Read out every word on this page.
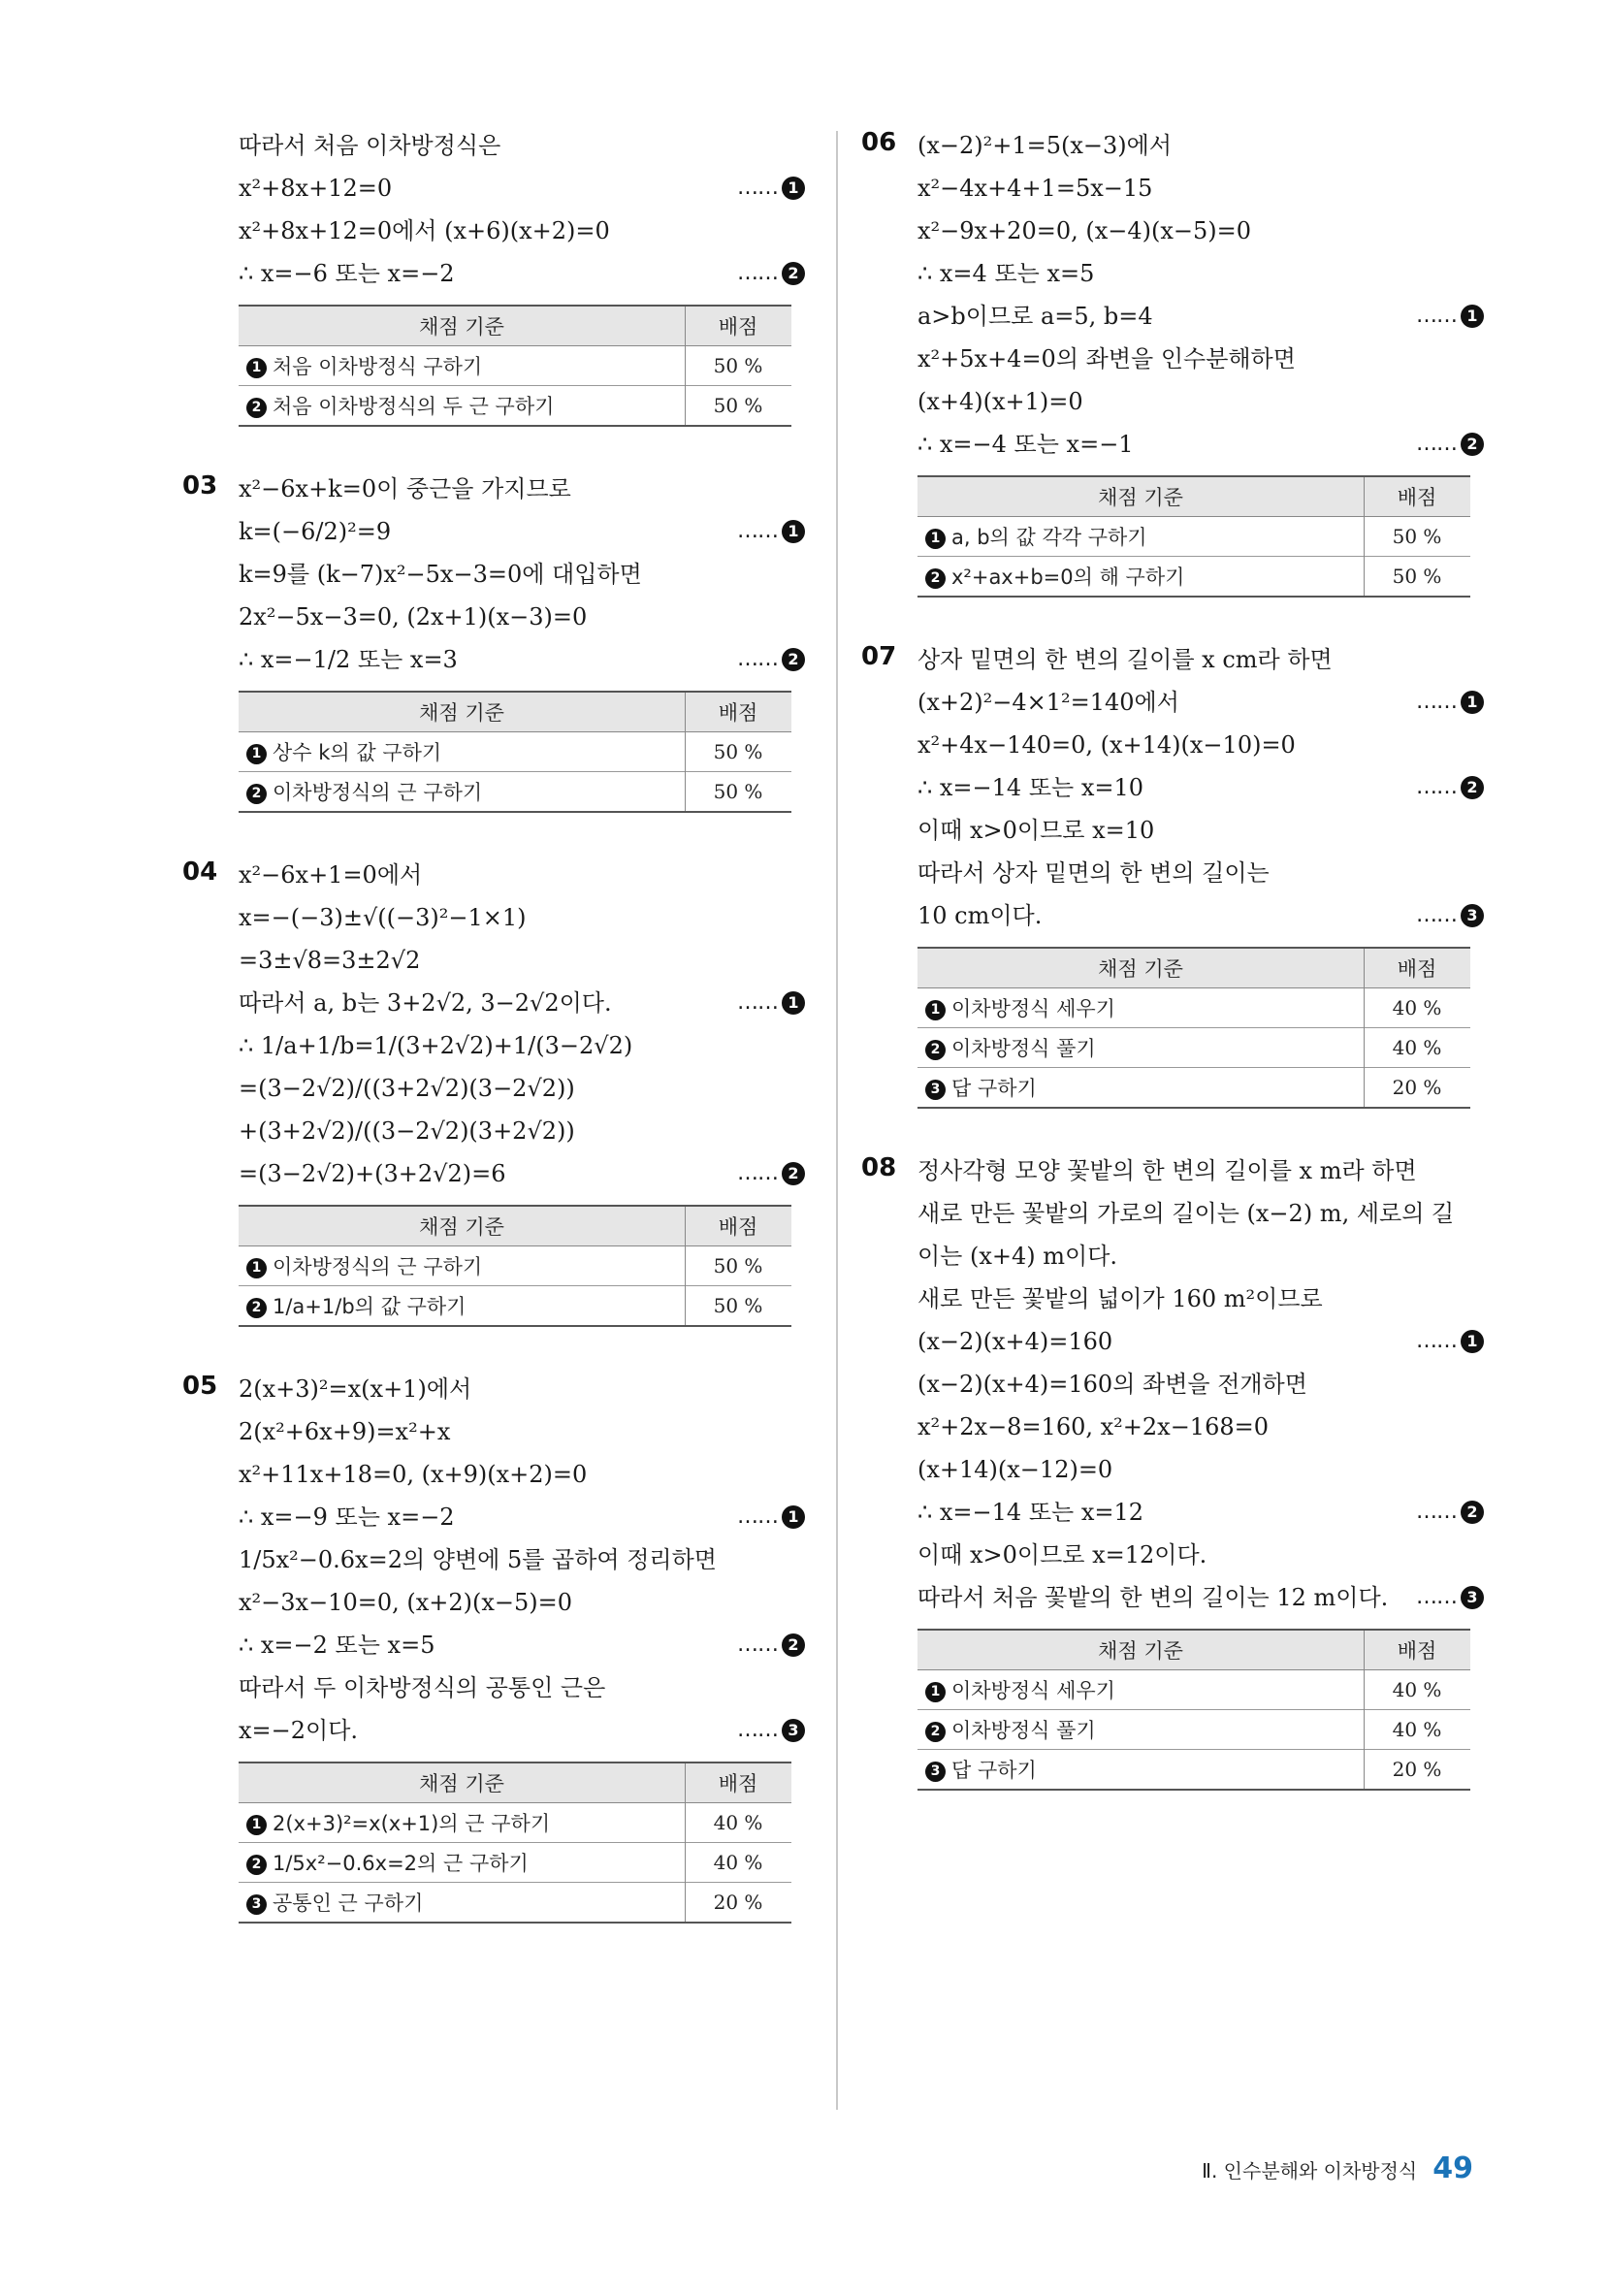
따라서 처음 이차방정식은
x²+8x+12=0	…… 1
x²+8x+12=0에서 (x+6)(x+2)=0
∴ x=−6 또는 x=−2	…… 2
채점 기준	배점
1 처음 이차방정식 구하기	50 %
2 처음 이차방정식의 두 근 구하기	50 %
03 x²−6x+k=0이 중근을 가지므로
k=(−6/2)²=9	…… 1
k=9를 (k−7)x²−5x−3=0에 대입하면
2x²−5x−3=0, (2x+1)(x−3)=0
∴ x=−1/2 또는 x=3	…… 2
채점 기준	배점
1 상수 k의 값 구하기	50 %
2 이차방정식의 근 구하기	50 %
04 x²−6x+1=0에서
x=−(−3)±√((−3)²−1×1)
=3±√8=3±2√2
따라서 a, b는 3+2√2, 3−2√2이다.	…… 1
∴ 1/a+1/b=1/(3+2√2)+1/(3−2√2)
=(3−2√2)/((3+2√2)(3−2√2))
+(3+2√2)/((3−2√2)(3+2√2))
=(3−2√2)+(3+2√2)=6	…… 2
채점 기준	배점
1 이차방정식의 근 구하기	50 %
2 1/a+1/b의 값 구하기	50 %
05 2(x+3)²=x(x+1)에서
2(x²+6x+9)=x²+x
x²+11x+18=0, (x+9)(x+2)=0
∴ x=−9 또는 x=−2	…… 1
1/5x²−0.6x=2의 양변에 5를 곱하여 정리하면
x²−3x−10=0, (x+2)(x−5)=0
∴ x=−2 또는 x=5	…… 2
따라서 두 이차방정식의 공통인 근은
x=−2이다.	…… 3
채점 기준	배점
1 2(x+3)²=x(x+1)의 근 구하기	40 %
2 1/5x²−0.6x=2의 근 구하기	40 %
3 공통인 근 구하기	20 %
06 (x−2)²+1=5(x−3)에서
x²−4x+4+1=5x−15
x²−9x+20=0, (x−4)(x−5)=0
∴ x=4 또는 x=5
a>b이므로 a=5, b=4	…… 1
x²+5x+4=0의 좌변을 인수분해하면
(x+4)(x+1)=0
∴ x=−4 또는 x=−1	…… 2
채점 기준	배점
1 a, b의 값 각각 구하기	50 %
2 x²+ax+b=0의 해 구하기	50 %
07 상자 밑면의 한 변의 길이를 x cm라 하면
(x+2)²−4×1²=140에서	…… 1
x²+4x−140=0, (x+14)(x−10)=0
∴ x=−14 또는 x=10	…… 2
이때 x>0이므로 x=10
따라서 상자 밑면의 한 변의 길이는
10 cm이다.	…… 3
채점 기준	배점
1 이차방정식 세우기	40 %
2 이차방정식 풀기	40 %
3 답 구하기	20 %
08 정사각형 모양 꽃밭의 한 변의 길이를 x m라 하면
새로 만든 꽃밭의 가로의 길이는 (x−2) m, 세로의 길
이는 (x+4) m이다.
새로 만든 꽃밭의 넓이가 160 m²이므로
(x−2)(x+4)=160	…… 1
(x−2)(x+4)=160의 좌변을 전개하면
x²+2x−8=160, x²+2x−168=0
(x+14)(x−12)=0
∴ x=−14 또는 x=12	…… 2
이때 x>0이므로 x=12이다.
따라서 처음 꽃밭의 한 변의 길이는 12 m이다. …… 3
채점 기준	배점
1 이차방정식 세우기	40 %
2 이차방정식 풀기	40 %
3 답 구하기	20 %
Ⅱ. 인수분해와 이차방정식 49
